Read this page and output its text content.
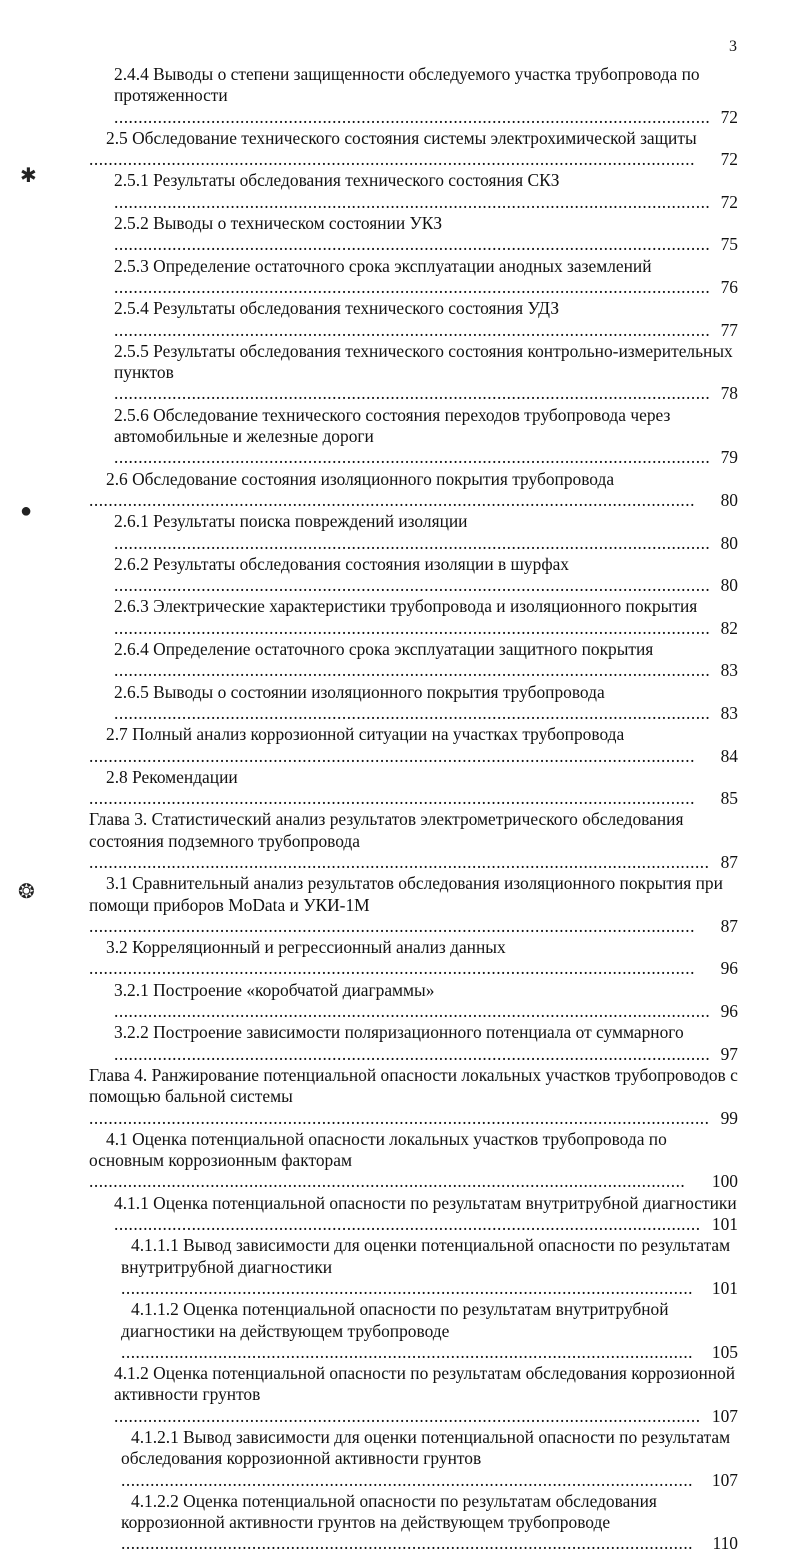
3
✱
●
❂
2.4.4 Выводы о степени защищенности обследуемого участка трубопровода по протяженности ........................................................................................................................... 72
2.5 Обследование технического состояния системы электрохимической защиты .............................................................................................................................	72
2.5.1 Результаты обследования технического состояния СКЗ ........................................................................................................................... 72
2.5.2 Выводы о техническом состоянии УКЗ ........................................................................................................................... 75
2.5.3 Определение остаточного срока эксплуатации анодных заземлений ........................................................................................................................... 76
2.5.4 Результаты обследования технического состояния УДЗ ........................................................................................................................... 77
2.5.5 Результаты обследования технического состояния контрольно-измерительных пунктов ........................................................................................................................... 78
2.5.6 Обследование технического состояния переходов трубопровода через автомобильные и железные дороги ........................................................................................................................... 79
2.6 Обследование состояния изоляционного покрытия трубопровода .............................................................................................................................	80
2.6.1 Результаты поиска повреждений изоляции ........................................................................................................................... 80
2.6.2 Результаты обследования состояния изоляции в шурфах ........................................................................................................................... 80
2.6.3 Электрические характеристики трубопровода и изоляционного покрытия ........................................................................................................................... 82
2.6.4 Определение остаточного срока эксплуатации защитного покрытия ........................................................................................................................... 83
2.6.5 Выводы о состоянии изоляционного покрытия трубопровода ........................................................................................................................... 83
2.7 Полный анализ коррозионной ситуации на участках трубопровода .............................................................................................................................	84
2.8 Рекомендации .............................................................................................................................	85
Глава 3. Статистический анализ результатов электрометрического обследования состояния подземного трубопровода ................................................................................................................................ 87
3.1 Сравнительный анализ результатов обследования изоляционного покрытия при помощи приборов MoData и УКИ-1М .............................................................................................................................	87
3.2 Корреляционный и регрессионный анализ данных .............................................................................................................................	96
3.2.1 Построение «коробчатой диаграммы» ........................................................................................................................... 96
3.2.2 Построение зависимости поляризационного потенциала от суммарного ........................................................................................................................... 97
Глава 4. Ранжирование потенциальной опасности локальных участков трубопроводов с помощью бальной системы ................................................................................................................................ 99
4.1 Оценка потенциальной опасности локальных участков трубопровода по основным коррозионным факторам ...........................................................................................................................	100
4.1.1 Оценка потенциальной опасности по результатам внутритрубной диагностики ......................................................................................................................... 101
4.1.1.1 Вывод зависимости для оценки потенциальной опасности по результатам внутритрубной диагностики ......................................................................................................................	101
4.1.1.2 Оценка потенциальной опасности по результатам внутритрубной диагностики на действующем трубопроводе ......................................................................................................................	105
4.1.2 Оценка потенциальной опасности по результатам обследования коррозионной активности грунтов ......................................................................................................................... 107
4.1.2.1 Вывод зависимости для оценки потенциальной опасности по результатам обследования коррозионной активности грунтов ......................................................................................................................	107
4.1.2.2 Оценка потенциальной опасности по результатам обследования коррозионной активности грунтов на действующем трубопроводе ......................................................................................................................	110
